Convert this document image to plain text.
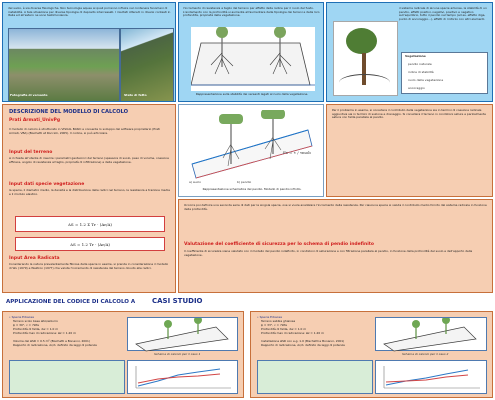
del suolo, è sia diverse fisiologiche. Non tecnologie aquee ai quali porranno influire nel contenere fenomeni di instabilità. A tale situazione per diverse tipologie di deposito intercessati. I risultati ottenuti in diversi contesti in Italia ed all'estero ne sono testimonianza.
Fotografia di versante	Stato di fatto
l'incremento di resistenza a taglio del terreno per effetto della radice per il ruolo del fusto. L'andamento con la profondità si aumenta all'aumentare delle tipologie dei terreni e della loro profondità, proprietà della vegetazione.
Rappresentazione sulla stabilità dei versanti legati al ruolo della vegetazione.
il sistema radicale di alcune specie arboree, la stabilità di un pendio, effetti positivi, negativi, positivo e negativo sull'equilibrio, tutto il pendio nel tempo (ad es. effetto diga, punto di ancoraggio...), effetti di rinforzo con altri elementi.
Vegetazione
pendio naturale
indice di stabilità
ruolo della vegetazione
ancoraggio
DESCRIZIONE DEL MODELLO DI CALCOLO
Prati Armati_UnivPg
Il modello di calcolo è strutturato in VISUAL BASIC e consente lo sviluppo del software proprietario (Prati Armati, VBA) (Bischetti et Roccioli, 2005). Il codice, si può articolare.
Input del terreno
si richiede all'utente di inserire i parametri geotecnici del terreno (spessore di suolo, peso di volume, coesione efficace, angolo di resistenza al taglio, proprietà di infiltrazione) e della vegetazione.
Input dati specie vegetazione
la specie, il diametro medio, la densità e la distribuzione delle radici nel terreno, la resistenza a trazione media e il modulo elastico.
ΔS = 1.2 Σ Tr ⋅ (Ar/A)
ΔS = 1.2 Tr ⋅ (Ar/A)
Input Area Radicata
Considerando la natura prevalentemente fibrosa delle specie in esame, si prende in considerazione il modello di Wu (1979) e Waldron (1977) che valuta l'incremento di resistenza del terreno dovuto alle radici.
Fs = τ / τmob
a) suolo	b) pendio
Rappresentazione schematica del pendio. Modello di pendio infinito.
Per il problema in esame, si considera il contributo della vegetazione sia in termini di coesione radicale aggiuntiva sia in termini di suzione e drenaggio. Si considera il terreno in condizioni sature e parzialmente sature con falda parallela al pendio.
Occorre poi definire una seconda serie di dati per la singola specie, ove si vuole analizzare l'incremento della resistenza. Per ciascuna specie si valuta il contributo medio fornito dal sistema radicale in funzione della profondità.
Valutazione del coefficiente di sicurezza per lo schema di pendio indefinito
Il coefficiente di sicurezza viene valutato con il modello del pendio indefinito, in condizioni di saturazione e con filtrazione parallela al pendio, in funzione della profondità del suolo e dell'apporto della vegetazione.
APPLICAZIONE DEL CODICE DI CALCOLO A CASI STUDIO
• Specie Erbacea
Terreno scolo base alto/azzurro
ϕ = 30°, c = 7kPa
Profondità di falda, dw = 1.0 m
Profondità max di radicazione: Δz = 1.20 m
Volume del ΔSR = 0.5 m² (Bischetti e Bonanni, 2001)
Rapporto di radicazione, Ar/A: definito da leggi di potenza
Schema di calcolo per il caso 1
• Specie Erbacea
Terreno sabbia ghiaiosa
ϕ = 33°, c = 7kPa
Profondità di falda, dw = 1.0 m
Profondità max di radicazione: Δz = 1.20 m
Installazione ΔSR con e.g. 1.0 (Bischetti e Bonanni, 2001)
Rapporto di radicazione, Ar/A: definito da leggi di potenza
Schema di calcolo per il caso 2
